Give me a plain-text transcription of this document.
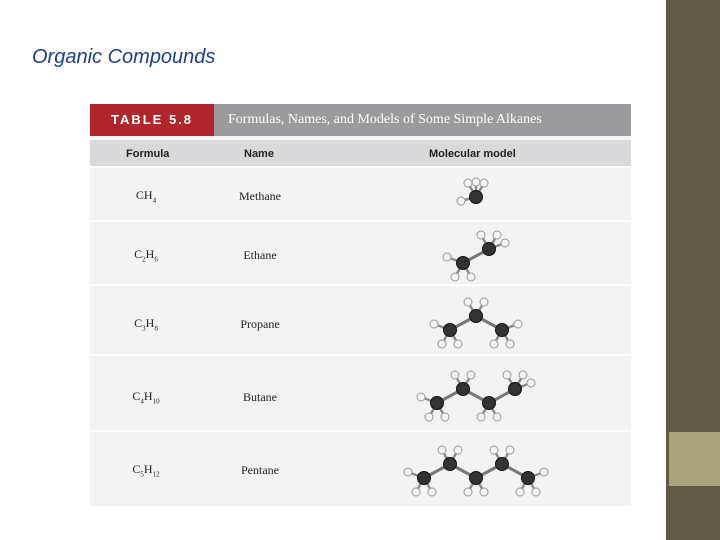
Organic Compounds
TABLE 5.8	Formulas, Names, and Models of Some Simple Alkanes
Formula	Name	Molecular model
$CH_4$	Methane
$C_2H_6$	Ethane
$C_3H_8$	Propane
$C_4H_{10}$	Butane
$C_5H_{12}$	Pentane
